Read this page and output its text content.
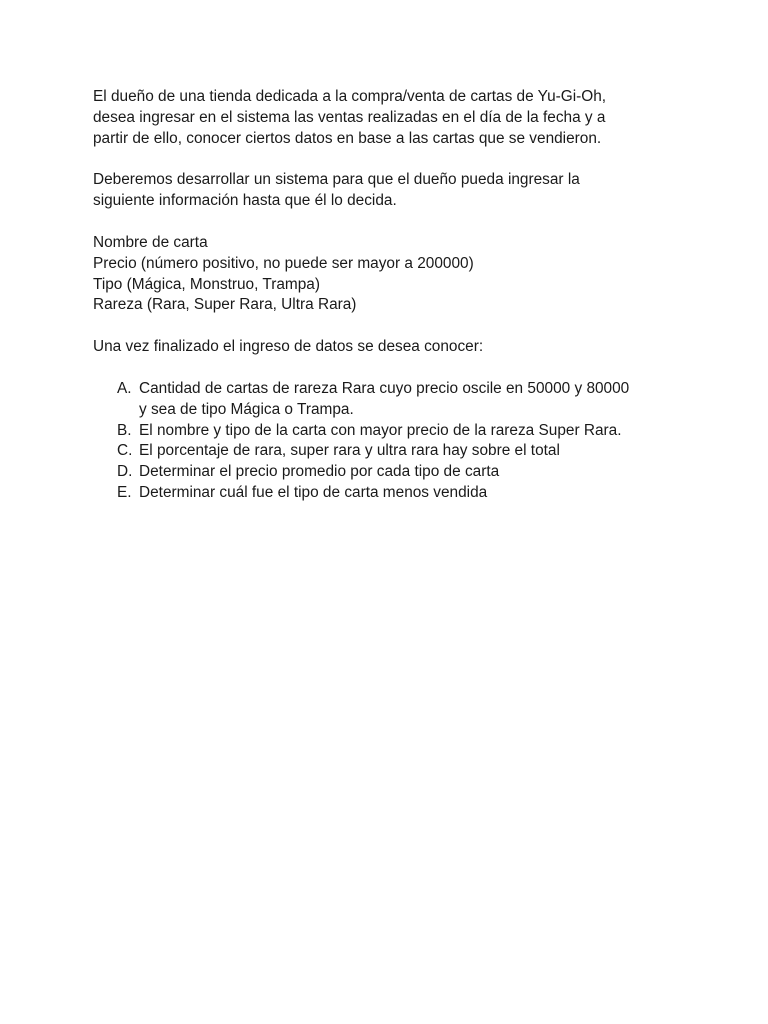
El dueño de una tienda dedicada a la compra/venta de cartas de Yu-Gi-Oh,
desea ingresar en el sistema las ventas realizadas en el día de la fecha y a
partir de ello, conocer ciertos datos en base a las cartas que se vendieron.

Deberemos desarrollar un sistema para que el dueño pueda ingresar la
siguiente información hasta que él lo decida.

Nombre de carta

Precio (número positivo, no puede ser mayor a 200000)

Tipo (Mágica, Monstruo, Trampa)

Rareza (Rara, Super Rara, Ultra Rara)

Una vez finalizado el ingreso de datos se desea conocer:

A. Cantidad de cartas de rareza Rara cuyo precio oscile en 50000 y 80000
y sea de tipo Mágica o Trampa.

B. El nombre y tipo de la carta con mayor precio de la rareza Super Rara.

C. El porcentaje de rara, super rara y ultra rara hay sobre el total

D. Determinar el precio promedio por cada tipo de carta

E. Determinar cuál fue el tipo de carta menos vendida
